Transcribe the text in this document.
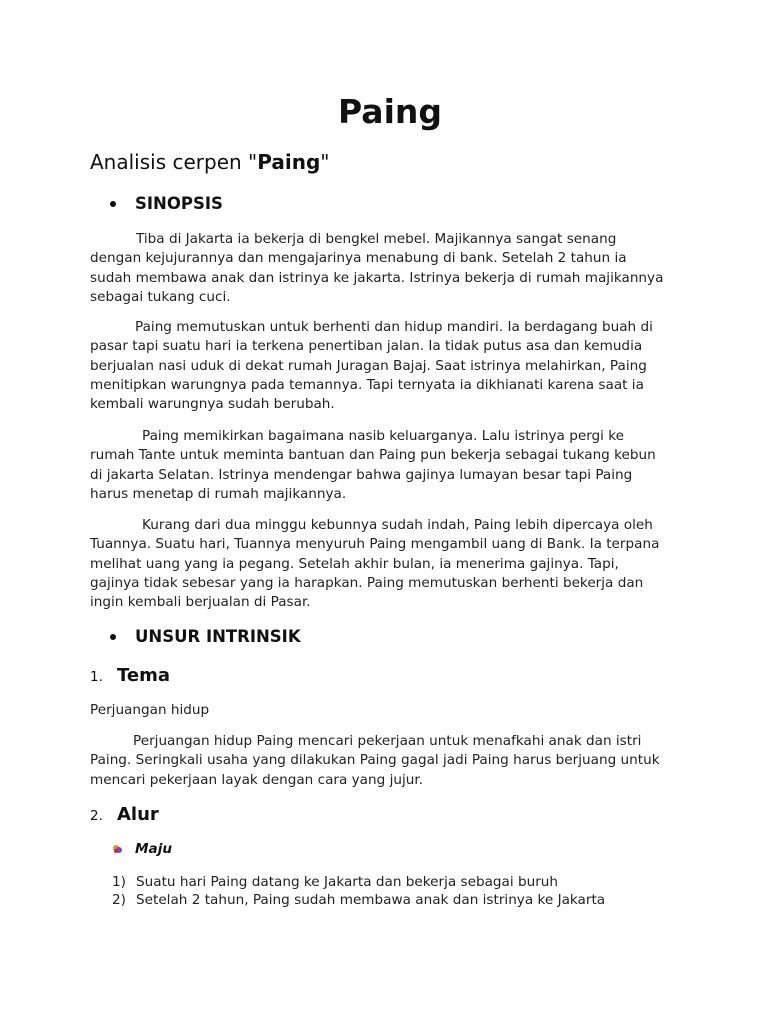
Paing
Analisis cerpen "Paing"
SINOPSIS
Tiba di Jakarta ia bekerja di bengkel mebel. Majikannya sangat senang
dengan kejujurannya dan mengajarinya menabung di bank. Setelah 2 tahun ia
sudah membawa anak dan istrinya ke jakarta. Istrinya bekerja di rumah majikannya
sebagai tukang cuci.
Paing memutuskan untuk berhenti dan hidup mandiri. Ia berdagang buah di
pasar tapi suatu hari ia terkena penertiban jalan. Ia tidak putus asa dan kemudia
berjualan nasi uduk di dekat rumah Juragan Bajaj. Saat istrinya melahirkan, Paing
menitipkan warungnya pada temannya. Tapi ternyata ia dikhianati karena saat ia
kembali warungnya sudah berubah.
Paing memikirkan bagaimana nasib keluarganya. Lalu istrinya pergi ke
rumah Tante untuk meminta bantuan dan Paing pun bekerja sebagai tukang kebun
di jakarta Selatan. Istrinya mendengar bahwa gajinya lumayan besar tapi Paing
harus menetap di rumah majikannya.
Kurang dari dua minggu kebunnya sudah indah, Paing lebih dipercaya oleh
Tuannya. Suatu hari, Tuannya menyuruh Paing mengambil uang di Bank. Ia terpana
melihat uang yang ia pegang. Setelah akhir bulan, ia menerima gajinya. Tapi,
gajinya tidak sebesar yang ia harapkan. Paing memutuskan berhenti bekerja dan
ingin kembali berjualan di Pasar.
UNSUR INTRINSIK
1. Tema
Perjuangan hidup
Perjuangan hidup Paing mencari pekerjaan untuk menafkahi anak dan istri
Paing. Seringkali usaha yang dilakukan Paing gagal jadi Paing harus berjuang untuk
mencari pekerjaan layak dengan cara yang jujur.
2. Alur
Maju
1) Suatu hari Paing datang ke Jakarta dan bekerja sebagai buruh
2) Setelah 2 tahun, Paing sudah membawa anak dan istrinya ke Jakarta
